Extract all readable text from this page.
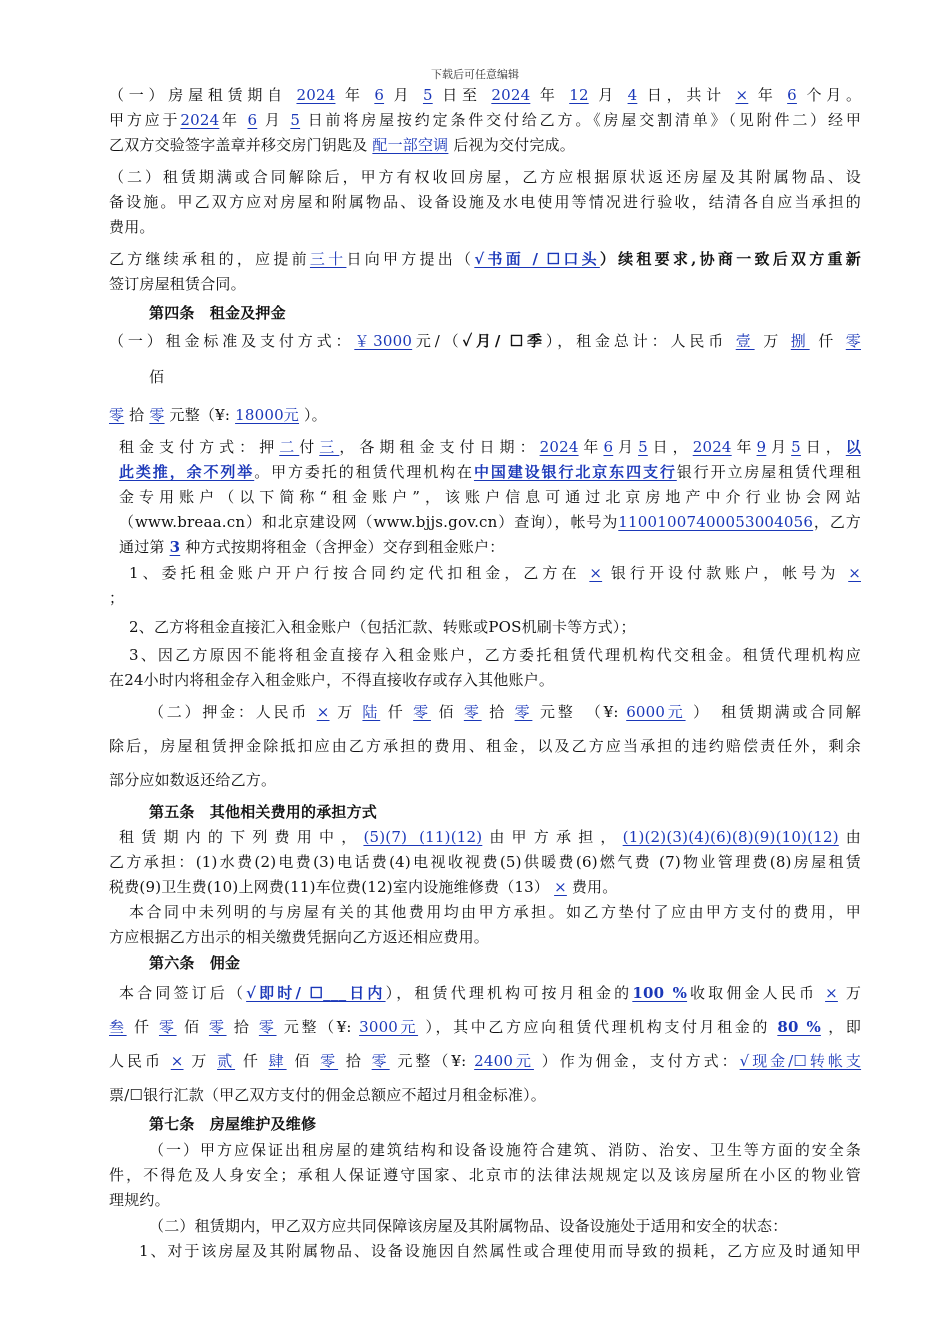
下载后可任意编辑
（一）房屋租赁期自 2024 年 6 月 5 日至 2024 年 12 月 4 日，共计 × 年 6 个月。
甲方应于2024年 6 月 5 日前将房屋按约定条件交付给乙方。《房屋交割清单》（见附件二）经甲
乙双方交验签字盖章并移交房门钥匙及 配一部空调 后视为交付完成。
（二）租赁期满或合同解除后，甲方有权收回房屋，乙方应根据原状返还房屋及其附属物品、设
备设施。甲乙双方应对房屋和附属物品、设备设施及水电使用等情况进行验收，结清各自应当承担的
费用。
乙方继续承租的，应提前三十日向甲方提出（√书面 / ☐口头）续租要求,协商一致后双方重新
签订房屋租赁合同。
第四条　租金及押金
（一）租金标准及支付方式：￥3000元/（✓月/ ☐季），租金总计：人民币 壹 万 捌 仟 零
佰
零 拾 零 元整（¥: 18000元 ）。
租金支付方式：押二付三，各期租金支付日期：2024年6月5日，2024年9月5日，以
此类推，余不列举。甲方委托的租赁代理机构在中国建设银行北京东四支行银行开立房屋租赁代理租
金专用账户（以下简称“租金账户”，该账户信息可通过北京房地产中介行业协会网站
（www.breaa.cn）和北京建设网（www.bjjs.gov.cn）查询），帐号为11001007400053004056，乙方
通过第 3 种方式按期将租金（含押金）交存到租金账户：
1、委托租金账户开户行按合同约定代扣租金，乙方在 × 银行开设付款账户，帐号为 ×
；
2、乙方将租金直接汇入租金账户（包括汇款、转账或POS机刷卡等方式）；
3、因乙方原因不能将租金直接存入租金账户，乙方委托租赁代理机构代交租金。租赁代理机构应
在24小时内将租金存入租金账户，不得直接收存或存入其他账户。
（二）押金：人民币 × 万 陆 仟 零 佰 零 拾 零 元整　（¥: 6000元 ）　租赁期满或合同解
除后，房屋租赁押金除抵扣应由乙方承担的费用、租金，以及乙方应当承担的违约赔偿责任外，剩余
部分应如数返还给乙方。
第五条　其他相关费用的承担方式
租赁期内的下列费用中，(5)(7) (11)(12)由甲方承担，(1)(2)(3)(4)(6)(8)(9)(10)(12)由
乙方承担：(1)水费(2)电费(3)电话费(4)电视收视费(5)供暖费(6)燃气费 (7)物业管理费(8)房屋租赁
税费(9)卫生费(10)上网费(11)车位费(12)室内设施维修费（13） × 费用。
本合同中未列明的与房屋有关的其他费用均由甲方承担。如乙方垫付了应由甲方支付的费用，甲
方应根据乙方出示的相关缴费凭据向乙方返还相应费用。
第六条　佣金
本合同签订后（√即时/ ☐___日内），租赁代理机构可按月租金的100 %收取佣金人民币 × 万
叁 仟 零 佰 零 拾 零 元整（¥: 3000元 ），其中乙方应向租赁代理机构支付月租金的 80 % ，即
人民币 × 万 贰 仟 肆 佰 零 拾 零 元整（¥: 2400元 ）作为佣金，支付方式：√现金/☐转帐支
票/☐银行汇款（甲乙双方支付的佣金总额应不超过月租金标准）。
第七条　房屋维护及维修
（一）甲方应保证出租房屋的建筑结构和设备设施符合建筑、消防、治安、卫生等方面的安全条
件，不得危及人身安全；承租人保证遵守国家、北京市的法律法规规定以及该房屋所在小区的物业管
理规约。
（二）租赁期内，甲乙双方应共同保障该房屋及其附属物品、设备设施处于适用和安全的状态：
1、对于该房屋及其附属物品、设备设施因自然属性或合理使用而导致的损耗，乙方应及时通知甲
